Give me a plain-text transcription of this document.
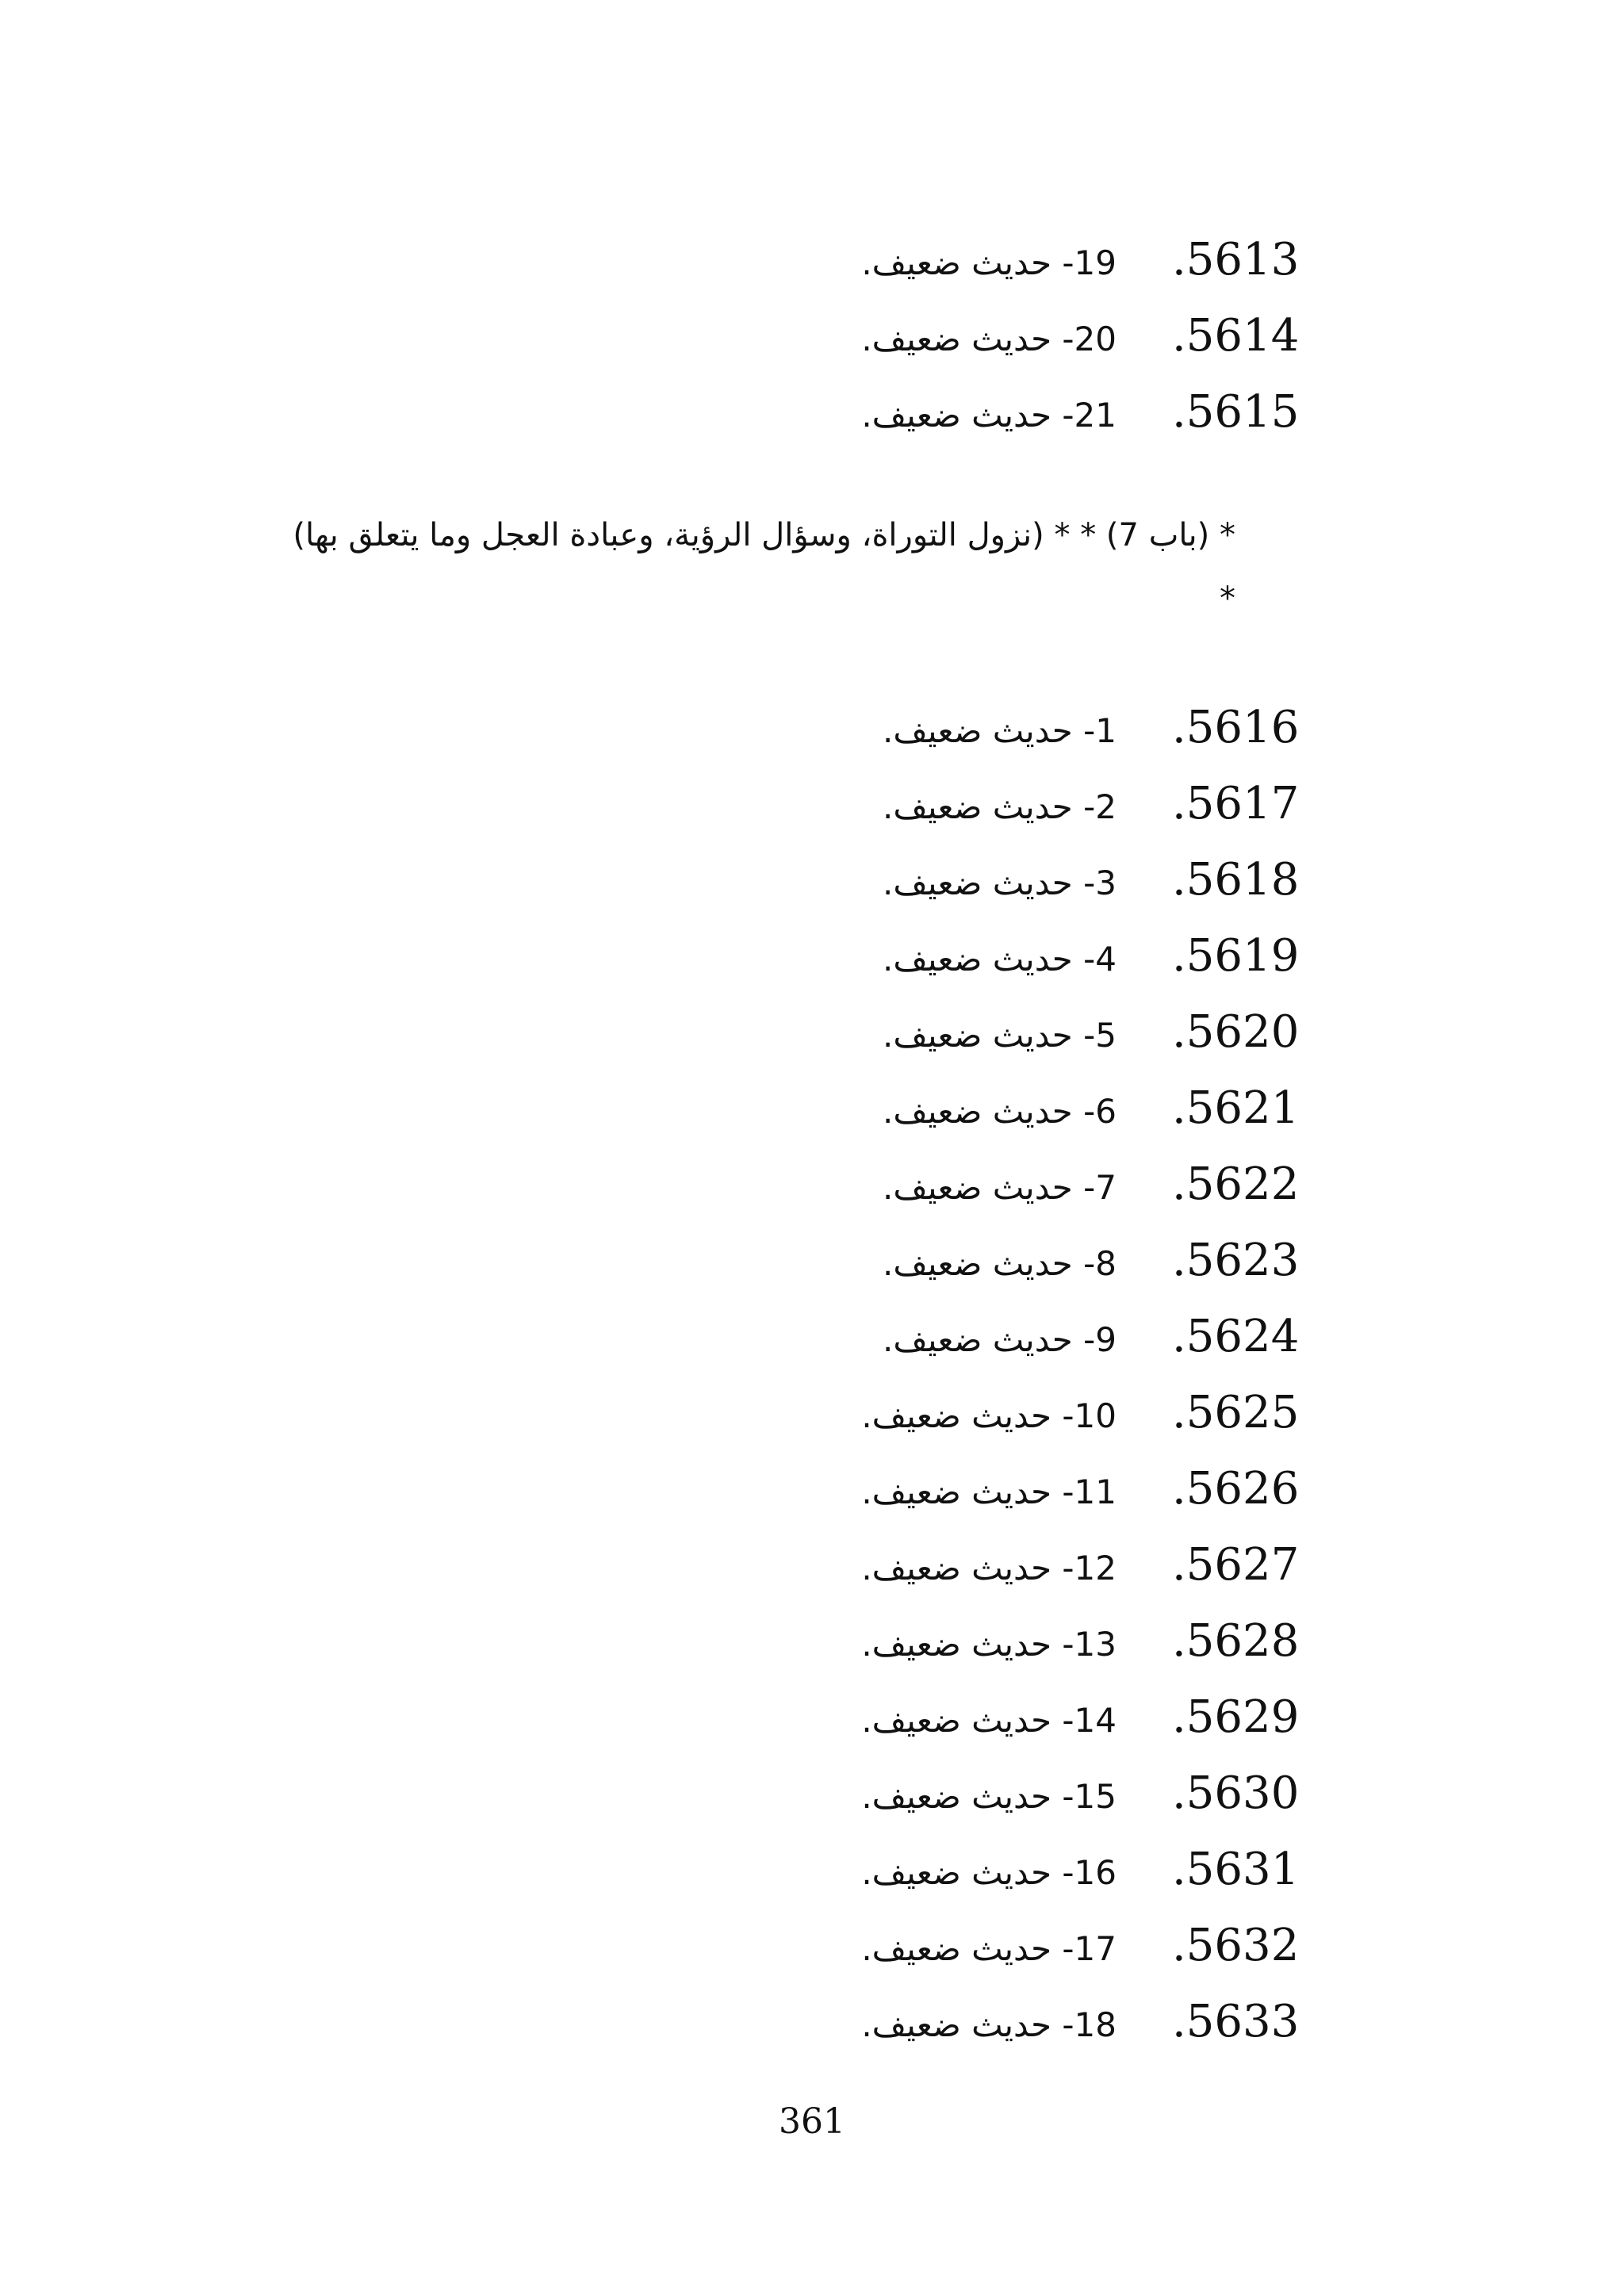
.561319- حديث ضعيف.
.561420- حديث ضعيف.
.561521- حديث ضعيف.
* (باب 7) * * (نزول التوراة، وسؤال الرؤية، وعبادة العجل وما يتعلق بها)
*
.56161- حديث ضعيف.
.56172- حديث ضعيف.
.56183- حديث ضعيف.
.56194- حديث ضعيف.
.56205- حديث ضعيف.
.56216- حديث ضعيف.
.56227- حديث ضعيف.
.56238- حديث ضعيف.
.56249- حديث ضعيف.
.562510- حديث ضعيف.
.562611- حديث ضعيف.
.562712- حديث ضعيف.
.562813- حديث ضعيف.
.562914- حديث ضعيف.
.563015- حديث ضعيف.
.563116- حديث ضعيف.
.563217- حديث ضعيف.
.563318- حديث ضعيف.
361
